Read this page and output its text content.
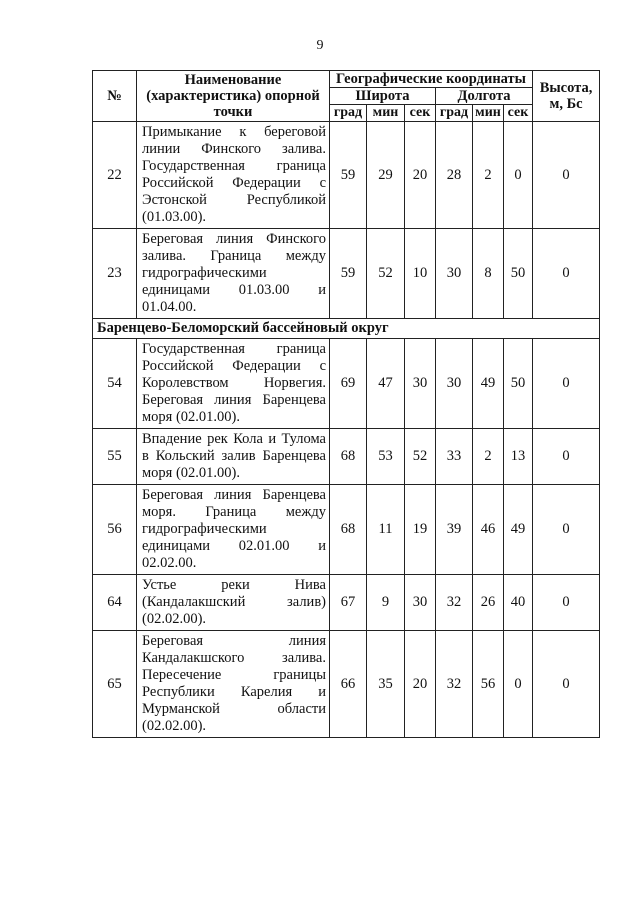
9
№	Наименование (характеристика) опорной точки	Географические координаты						Высота, м, Бс
		Широта			Долгота			
		град	мин	сек	град	мин	сек	
22	Примыкание к береговой линии Финского залива. Государственная граница Российской Федерации с Эстонской Республикой (01.03.00).	59	29	20	28	2	0	0
23	Береговая линия Финского залива. Граница между гидрографическими единицами 01.03.00 и 01.04.00.	59	52	10	30	8	50	0
Баренцево-Беломорский бассейновый округ								
54	Государственная граница Российской Федерации с Королевством Норвегия. Береговая линия Баренцева моря (02.01.00).	69	47	30	30	49	50	0
55	Впадение рек Кола и Тулома в Кольский залив Баренцева моря (02.01.00).	68	53	52	33	2	13	0
56	Береговая линия Баренцева моря. Граница между гидрографическими единицами 02.01.00 и 02.02.00.	68	11	19	39	46	49	0
64	Устье реки Нива (Кандалакшский залив) (02.02.00).	67	9	30	32	26	40	0
65	Береговая линия Кандалакшского залива. Пересечение границы Республики Карелия и Мурманской области (02.02.00).	66	35	20	32	56	0	0
